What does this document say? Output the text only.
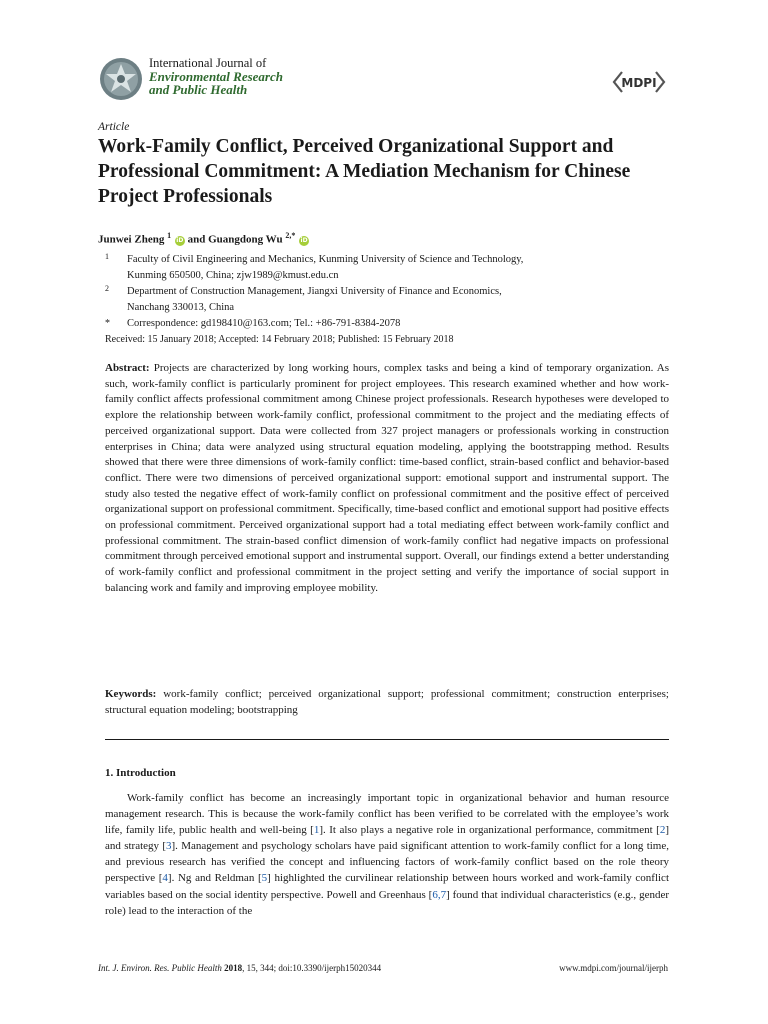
International Journal of
Environmental Research
and Public Health	MDPI
Article
Work-Family Conflict, Perceived Organizational Support and Professional Commitment: A Mediation Mechanism for Chinese Project Professionals
Junwei Zheng $^1$ iD and Guangdong Wu $^{2,*}$ iD
1 Faculty of Civil Engineering and Mechanics, Kunming University of Science and Technology,
Kunming 650500, China; zjw1989@kmust.edu.cn
2 Department of Construction Management, Jiangxi University of Finance and Economics,
Nanchang 330013, China
* Correspondence: gd198410@163.com; Tel.: +86-791-8384-2078
Received: 15 January 2018; Accepted: 14 February 2018; Published: 15 February 2018
Abstract: Projects are characterized by long working hours, complex tasks and being a kind of temporary organization. As such, work-family conflict is particularly prominent for project employees. This research examined whether and how work-family conflict affects professional commitment among Chinese project professionals. Research hypotheses were developed to explore the relationship between work-family conflict, professional commitment to the project and the mediating effects of perceived organizational support. Data were collected from 327 project managers or professionals working in construction enterprises in China; data were analyzed using structural equation modeling, applying the bootstrapping method. Results showed that there were three dimensions of work-family conflict: time-based conflict, strain-based conflict and behavior-based conflict. There were two dimensions of perceived organizational support: emotional support and instrumental support. The study also tested the negative effect of work-family conflict on professional commitment and the positive effect of perceived organizational support on professional commitment. Specifically, time-based conflict and emotional support had positive effects on professional commitment. Perceived organizational support had a total mediating effect between work-family conflict and professional commitment. The strain-based conflict dimension of work-family conflict had negative impacts on professional commitment through perceived emotional support and instrumental support. Overall, our findings extend a better understanding of work-family conflict and professional commitment in the project setting and verify the importance of social support in balancing work and family and improving employee mobility.
Keywords: work-family conflict; perceived organizational support; professional commitment; construction enterprises; structural equation modeling; bootstrapping
1. Introduction
Work-family conflict has become an increasingly important topic in organizational behavior and human resource management research. This is because the work-family conflict has been verified to be correlated with the employee’s work life, family life, public health and well-being [1]. It also plays a negative role in organizational performance, commitment [2] and strategy [3]. Management and psychology scholars have paid significant attention to work-family conflict for a long time, and previous research has verified the concept and influencing factors of work-family conflict based on the role theory perspective [4]. Ng and Reldman [5] highlighted the curvilinear relationship between hours worked and work-family conflict variables based on the social identity perspective. Powell and Greenhaus [6,7] found that individual characteristics (e.g., gender role) lead to the interaction of the
Int. J. Environ. Res. Public Health 2018, 15, 344; doi:10.3390/ijerph15020344	www.mdpi.com/journal/ijerph
